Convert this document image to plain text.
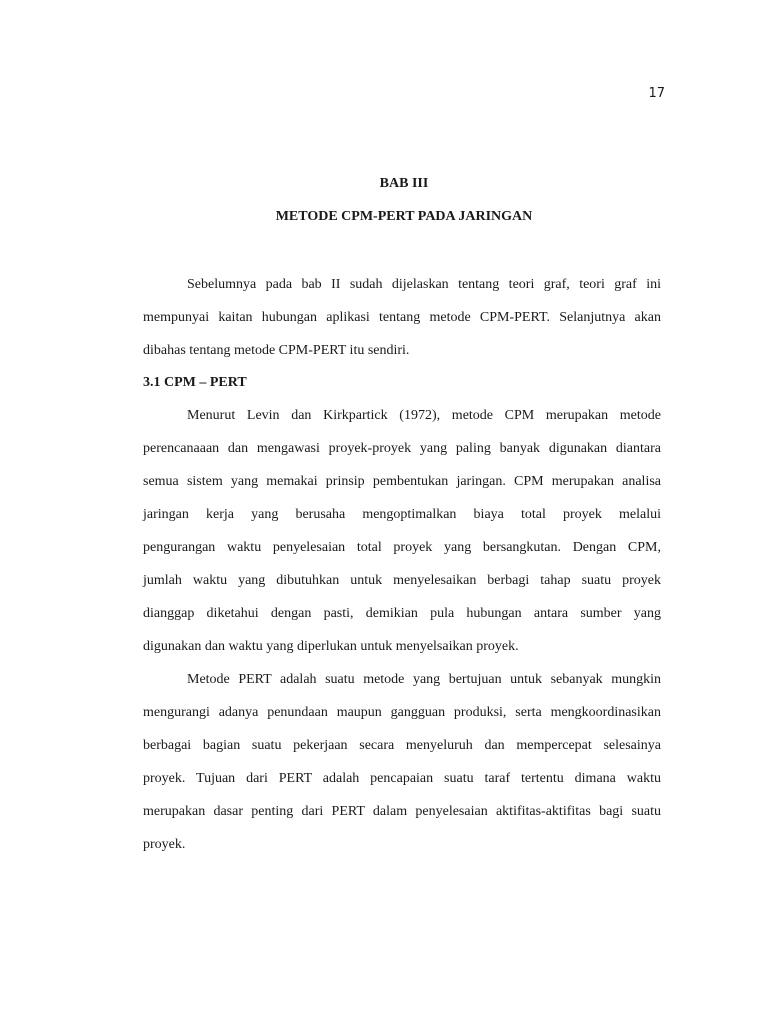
17
BAB III
METODE CPM-PERT PADA JARINGAN
Sebelumnya pada bab II sudah dijelaskan tentang teori graf, teori graf ini
mempunyai kaitan hubungan aplikasi tentang metode CPM-PERT. Selanjutnya akan
dibahas tentang metode CPM-PERT itu sendiri.
3.1 CPM – PERT
Menurut Levin dan Kirkpartick (1972), metode CPM merupakan metode
perencanaaan dan mengawasi proyek-proyek yang paling banyak digunakan diantara
semua sistem yang memakai prinsip pembentukan jaringan. CPM merupakan analisa
jaringan kerja yang berusaha mengoptimalkan biaya total proyek melalui
pengurangan waktu penyelesaian total proyek yang bersangkutan. Dengan CPM,
jumlah waktu yang dibutuhkan untuk menyelesaikan berbagi tahap suatu proyek
dianggap diketahui dengan pasti, demikian pula hubungan antara sumber yang
digunakan dan waktu yang diperlukan untuk menyelsaikan proyek.
Metode PERT adalah suatu metode yang bertujuan untuk sebanyak mungkin
mengurangi adanya penundaan maupun gangguan produksi, serta mengkoordinasikan
berbagai bagian suatu pekerjaan secara menyeluruh dan mempercepat selesainya
proyek. Tujuan dari PERT adalah pencapaian suatu taraf tertentu dimana waktu
merupakan dasar penting dari PERT dalam penyelesaian aktifitas-aktifitas bagi suatu
proyek.
